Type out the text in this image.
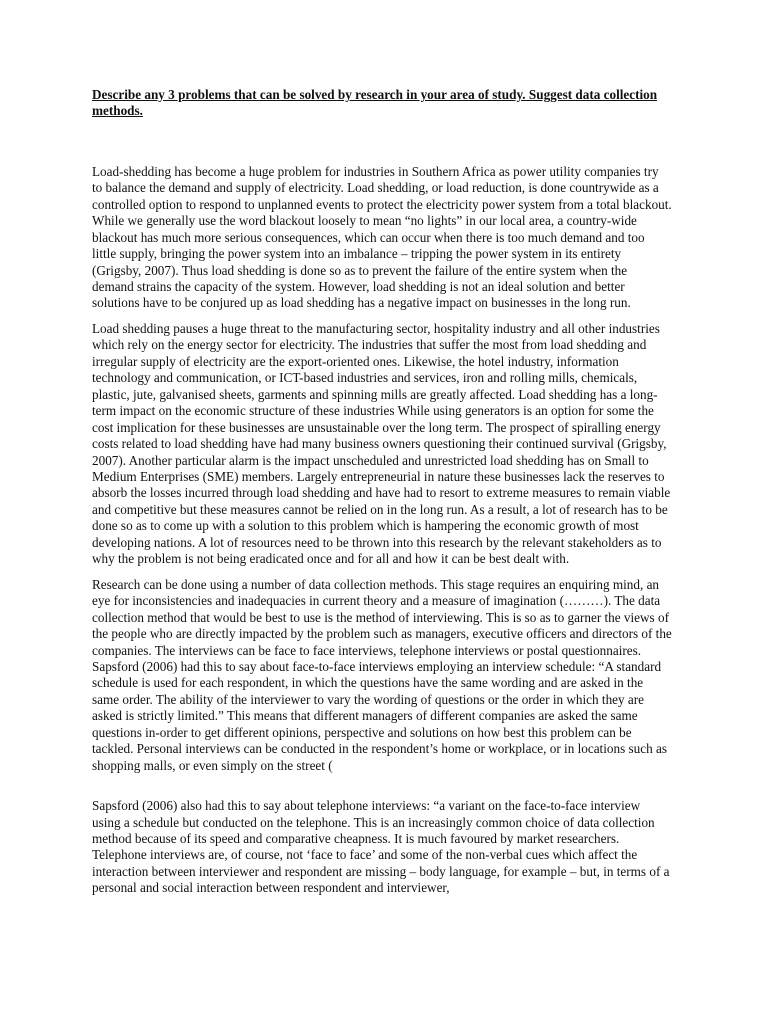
Describe any 3 problems that can be solved by research in your area of study. Suggest data collection methods.

Load-shedding has become a huge problem for industries in Southern Africa as power utility companies try to balance the demand and supply of electricity. Load shedding, or load reduction, is done countrywide as a controlled option to respond to unplanned events to protect the electricity power system from a total blackout. While we generally use the word blackout loosely to mean “no lights” in our local area, a country-wide blackout has much more serious consequences, which can occur when there is too much demand and too little supply, bringing the power system into an imbalance – tripping the power system in its entirety (Grigsby, 2007). Thus load shedding is done so as to prevent the failure of the entire system when the demand strains the capacity of the system. However, load shedding is not an ideal solution and better solutions have to be conjured up as load shedding has a negative impact on businesses in the long run.

Load shedding pauses a huge threat to the manufacturing sector, hospitality industry and all other industries which rely on the energy sector for electricity. The industries that suffer the most from load shedding and irregular supply of electricity are the export-oriented ones. Likewise, the hotel industry, information technology and communication, or ICT-based industries and services, iron and rolling mills, chemicals, plastic, jute, galvanised sheets, garments and spinning mills are greatly affected. Load shedding has a long-term impact on the economic structure of these industries While using generators is an option for some the cost implication for these businesses are unsustainable over the long term. The prospect of spiralling energy costs related to load shedding have had many business owners questioning their continued survival (Grigsby, 2007). Another particular alarm is the impact unscheduled and unrestricted load shedding has on Small to Medium Enterprises (SME) members. Largely entrepreneurial in nature these businesses lack the reserves to absorb the losses incurred through load shedding and have had to resort to extreme measures to remain viable and competitive but these measures cannot be relied on in the long run. As a result, a lot of research has to be done so as to come up with a solution to this problem which is hampering the economic growth of most developing nations. A lot of resources need to be thrown into this research by the relevant stakeholders as to why the problem is not being eradicated once and for all and how it can be best dealt with.

Research can be done using a number of data collection methods. This stage requires an enquiring mind, an eye for inconsistencies and inadequacies in current theory and a measure of imagination (………). The data collection method that would be best to use is the method of interviewing. This is so as to garner the views of the people who are directly impacted by the problem such as managers, executive officers and directors of the companies. The interviews can be face to face interviews, telephone interviews or postal questionnaires. Sapsford (2006) had this to say about face-to-face interviews employing an interview schedule: “A standard schedule is used for each respondent, in which the questions have the same wording and are asked in the same order. The ability of the interviewer to vary the wording of questions or the order in which they are asked is strictly limited.” This means that different managers of different companies are asked the same questions in-order to get different opinions, perspective and solutions on how best this problem can be tackled. Personal interviews can be conducted in the respondent’s home or workplace, or in locations such as shopping malls, or even simply on the street (

Sapsford (2006) also had this to say about telephone interviews: “a variant on the face-to-face interview using a schedule but conducted on the telephone. This is an increasingly common choice of data collection method because of its speed and comparative cheapness. It is much favoured by market researchers. Telephone interviews are, of course, not ‘face to face’ and some of the non-verbal cues which affect the interaction between interviewer and respondent are missing – body language, for example – but, in terms of a personal and social interaction between respondent and interviewer,
